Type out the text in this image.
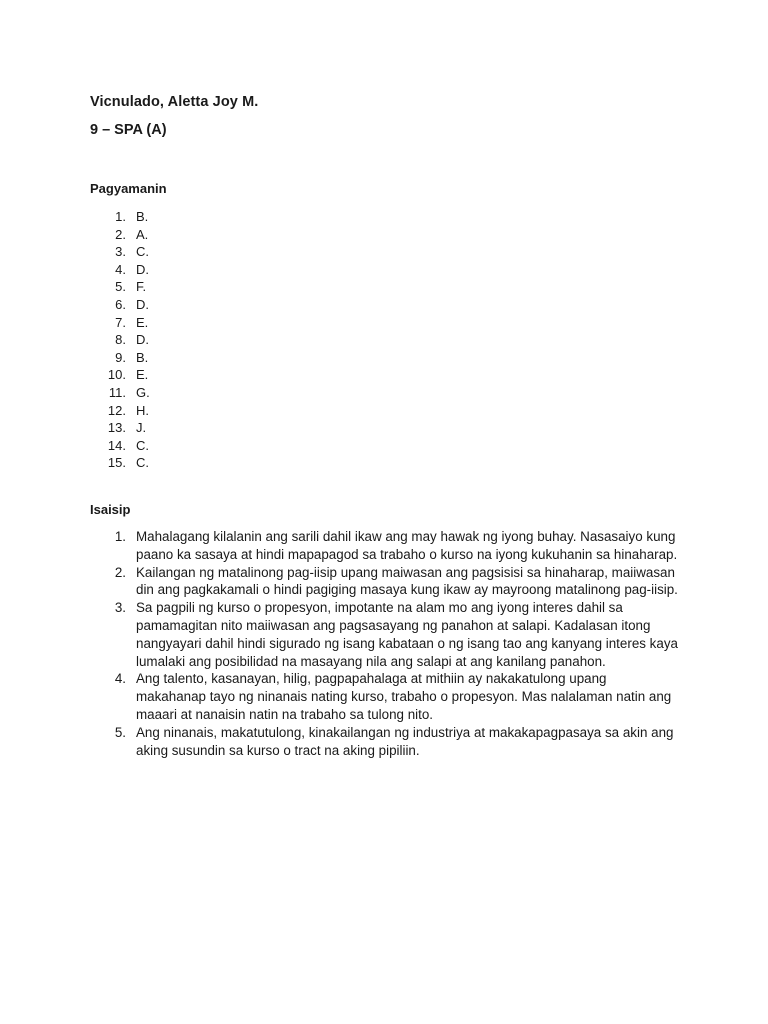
Vicnulado, Aletta Joy M.
9 – SPA (A)
Pagyamanin
1. B.
2. A.
3. C.
4. D.
5. F.
6. D.
7. E.
8. D.
9. B.
10. E.
11. G.
12. H.
13. J.
14. C.
15. C.
Isaisip
1. Mahalagang kilalanin ang sarili dahil ikaw ang may hawak ng iyong buhay. Nasasaiyo kung paano ka sasaya at hindi mapapagod sa trabaho o kurso na iyong kukuhanin sa hinaharap.
2. Kailangan ng matalinong pag-iisip upang maiwasan ang pagsisisi sa hinaharap, maiiwasan din ang pagkakamali o hindi pagiging masaya kung ikaw ay mayroong matalinong pag-iisip.
3. Sa pagpili ng kurso o propesyon, impotante na alam mo ang iyong interes dahil sa pamamagitan nito maiiwasan ang pagsasayang ng panahon at salapi. Kadalasan itong nangyayari dahil hindi sigurado ng isang kabataan o ng isang tao ang kanyang interes kaya lumalaki ang posibilidad na masayang nila ang salapi at ang kanilang panahon.
4. Ang talento, kasanayan, hilig, pagpapahalaga at mithiin ay nakakatulong upang makahanap tayo ng ninanais nating kurso, trabaho o propesyon. Mas nalalaman natin ang maaari at nanaisin natin na trabaho sa tulong nito.
5. Ang ninanais, makatutulong, kinakailangan ng industriya at makakapagpasaya sa akin ang aking susundin sa kurso o tract na aking pipiliin.
